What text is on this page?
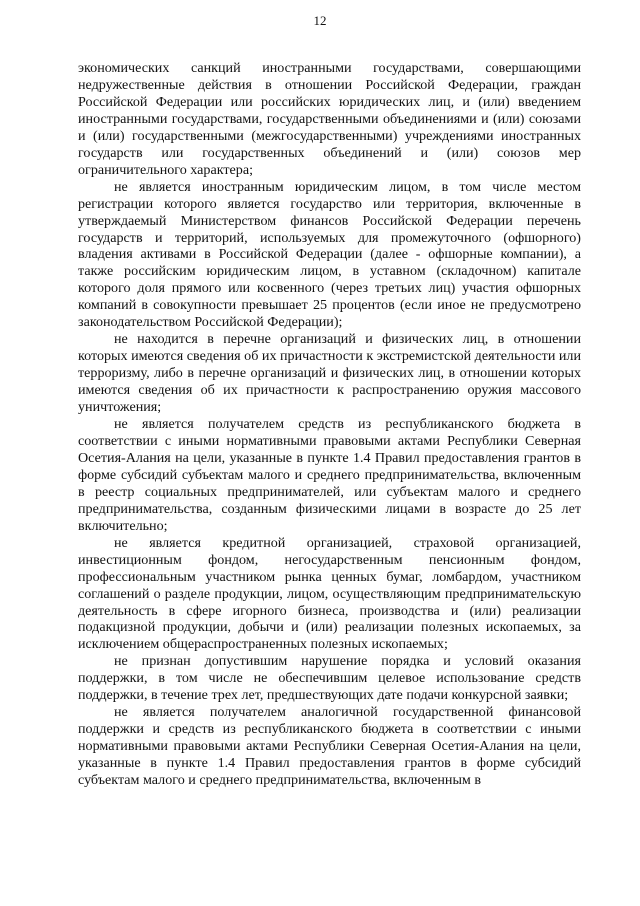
12

экономических санкций иностранными государствами, совершающими недружественные действия в отношении Российской Федерации, граждан Российской Федерации или российских юридических лиц, и (или) введением иностранными государствами, государственными объединениями и (или) союзами и (или) государственными (межгосударственными) учреждениями иностранных государств или государственных объединений и (или) союзов мер ограничительного характера;

не является иностранным юридическим лицом, в том числе местом регистрации которого является государство или территория, включенные в утверждаемый Министерством финансов Российской Федерации перечень государств и территорий, используемых для промежуточного (офшорного) владения активами в Российской Федерации (далее - офшорные компании), а также российским юридическим лицом, в уставном (складочном) капитале которого доля прямого или косвенного (через третьих лиц) участия офшорных компаний в совокупности превышает 25 процентов (если иное не предусмотрено законодательством Российской Федерации);

не находится в перечне организаций и физических лиц, в отношении которых имеются сведения об их причастности к экстремистской деятельности или терроризму, либо в перечне организаций и физических лиц, в отношении которых имеются сведения об их причастности к распространению оружия массового уничтожения;

не является получателем средств из республиканского бюджета в соответствии с иными нормативными правовыми актами Республики Северная Осетия-Алания на цели, указанные в пункте 1.4 Правил предоставления грантов в форме субсидий субъектам малого и среднего предпринимательства, включенным в реестр социальных предпринимателей, или субъектам малого и среднего предпринимательства, созданным физическими лицами в возрасте до 25 лет включительно;

не является кредитной организацией, страховой организацией, инвестиционным фондом, негосударственным пенсионным фондом, профессиональным участником рынка ценных бумаг, ломбардом, участником соглашений о разделе продукции, лицом, осуществляющим предпринимательскую деятельность в сфере игорного бизнеса, производства и (или) реализации подакцизной продукции, добычи и (или) реализации полезных ископаемых, за исключением общераспространенных полезных ископаемых;

не признан допустившим нарушение порядка и условий оказания поддержки, в том числе не обеспечившим целевое использование средств поддержки, в течение трех лет, предшествующих дате подачи конкурсной заявки;

не является получателем аналогичной государственной финансовой поддержки и средств из республиканского бюджета в соответствии с иными нормативными правовыми актами Республики Северная Осетия-Алания на цели, указанные в пункте 1.4 Правил предоставления грантов в форме субсидий субъектам малого и среднего предпринимательства, включенным в
